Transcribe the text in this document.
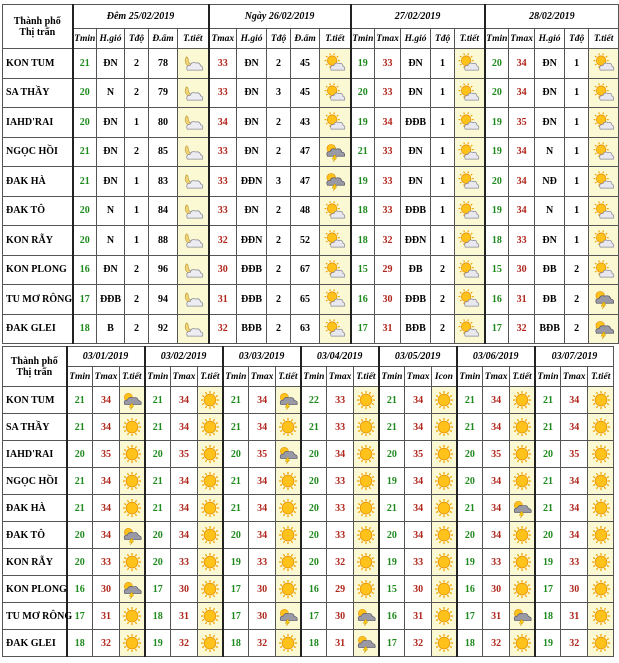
Thành phố
Thị trấn	Đêm 25/02/2019					Ngày 26/02/2019					27/02/2019					28/02/2019				
	Tmin	H.gió	Tđộ	Đ.ẩm	T.tiết	Tmax	H.gió	Tđộ	Đ.ẩm	T.tiết	Tmin	Tmax	H.gió	Tđộ	T.tiết	Tmin	Tmax	H.gió	Tđộ	T.tiết
KON TUM	21	ĐN	2	78		33	ĐN	2	45		19	33	ĐN	1		20	34	ĐN	1	

SA THẦY	20	N	2	79		33	ĐN	3	45		20	33	ĐN	1		20	34	ĐN	1	

IAHD'RAI	20	ĐN	1	80		34	ĐN	2	43		19	34	ĐĐB	1		19	35	ĐN	1	

NGỌC HỒI	21	ĐN	2	85		33	ĐN	2	47		21	33	ĐN	1		19	34	N	1	

ĐAK HÀ	21	ĐN	1	83		33	ĐĐN	3	47		19	33	ĐN	1		20	34	NĐ	1	

ĐAK TÔ	20	N	1	84		33	ĐN	2	48		18	33	ĐĐB	1		19	34	N	1	

KON RẪY	20	N	1	88		32	ĐĐN	2	52		18	32	ĐĐN	1		18	33	ĐN	1	

KON PLONG	16	ĐN	2	96		30	ĐĐB	2	67		15	29	ĐB	2		15	30	ĐB	2	

TU MƠ RÔNG	17	ĐĐB	2	94		31	ĐĐB	2	65		16	30	ĐĐB	2		16	31	ĐB	2	

ĐAK GLEI	18	B	2	92		32	BĐB	2	63		17	31	BĐB	2		17	32	BĐB	2	
Thành phố
Thị trấn	03/01/2019			03/02/2019			03/03/2019			03/04/2019			03/05/2019			03/06/2019			03/07/2019		
	Tmin	Tmax	T.tiết	Tmin	Tmax	T.tiết	Tmin	Tmax	T.tiết	Tmin	Tmax	T.tiết	Tmin	Tmax	Icon	Tmin	Tmax	T.tiết	Tmin	Tmax	T.tiết
KON TUM	21	34		21	34		21	34		22	33		21	34		21	34		21	34	

SA THẦY	21	34		21	34		21	34		21	33		21	34		21	34		21	34	

IAHD'RAI	20	35		20	35		20	35		20	34		20	35		20	35		20	35	

NGỌC HỒI	21	34		21	34		21	34		20	33		19	34		20	34		21	34	

ĐAK HÀ	21	34		21	34		21	34		20	33		21	34		21	34		21	34	

ĐAK TÔ	20	34		20	34		20	34		20	33		20	34		20	34		20	34	

KON RẪY	20	33		20	33		19	33		20	32		19	33		19	33		19	33	

KON PLONG	16	30		17	30		17	30		16	29		15	30		16	30		17	30	

TU MƠ RÔNG	17	31		18	31		17	30		17	30		16	31		17	31		18	31	

ĐAK GLEI	18	32		19	32		18	32		18	31		17	32		18	32		19	32	
